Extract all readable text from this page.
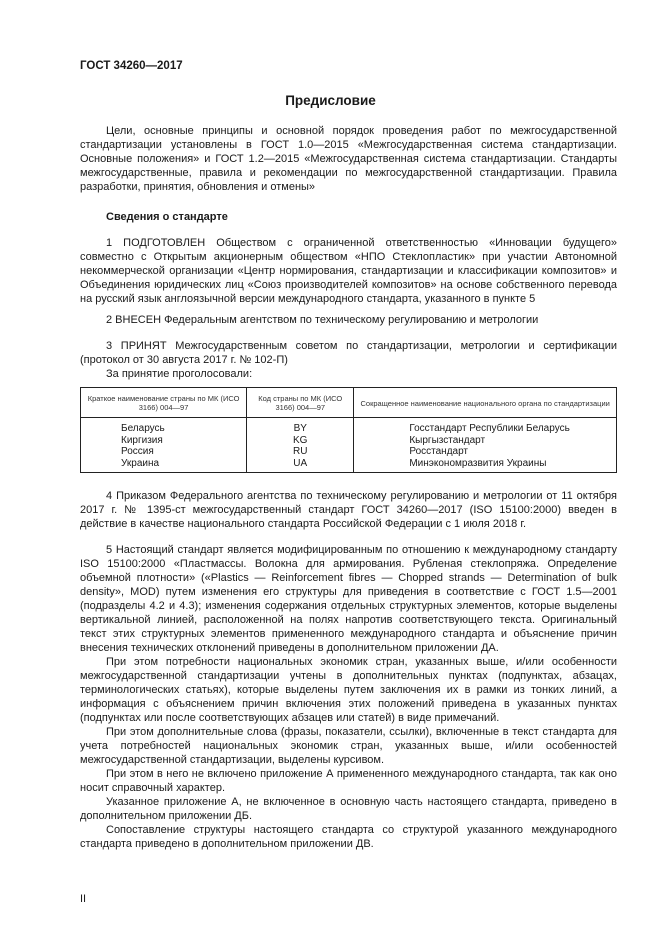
ГОСТ 34260—2017
Предисловие

Цели, основные принципы и основной порядок проведения работ по межгосударственной стандартизации установлены в ГОСТ 1.0—2015 «Межгосударственная система стандартизации. Основные положения» и ГОСТ 1.2—2015 «Межгосударственная система стандартизации. Стандарты межгосударственные, правила и рекомендации по межгосударственной стандартизации. Правила разработки, принятия, обновления и отмены»

Сведения о стандарте

1 ПОДГОТОВЛЕН Обществом с ограниченной ответственностью «Инновации будущего» совместно с Открытым акционерным обществом «НПО Стеклопластик» при участии Автономной некоммерческой организации «Центр нормирования, стандартизации и классификации композитов» и Объединения юридических лиц «Союз производителей композитов» на основе собственного перевода на русский язык англоязычной версии международного стандарта, указанного в пункте 5

2 ВНЕСЕН Федеральным агентством по техническому регулированию и метрологии

3 ПРИНЯТ Межгосударственным советом по стандартизации, метрологии и сертификации (протокол от 30 августа 2017 г. № 102-П)

За принятие проголосовали:

Краткое наименование страны по МК (ИСО 3166) 004—97	Код страны по МК (ИСО 3166) 004—97	Сокращенное наименование национального органа по стандартизации
Беларусь	BY	Госстандарт Республики Беларусь
Киргизия	KG	Кыргызстандарт
Россия	RU	Росстандарт
Украина	UA	Минэкономразвития Украины

4 Приказом Федерального агентства по техническому регулированию и метрологии от 11 октября 2017 г. № 1395-ст межгосударственный стандарт ГОСТ 34260—2017 (ISO 15100:2000) введен в действие в качестве национального стандарта Российской Федерации с 1 июля 2018 г.

5 Настоящий стандарт является модифицированным по отношению к международному стандарту ISO 15100:2000 «Пластмассы. Волокна для армирования. Рубленая стеклопряжа. Определение объемной плотности» («Plastics — Reinforcement fibres — Chopped strands — Determination of bulk density», MOD) путем изменения его структуры для приведения в соответствие с ГОСТ 1.5—2001 (подразделы 4.2 и 4.3); изменения содержания отдельных структурных элементов, которые выделены вертикальной линией, расположенной на полях напротив соответствующего текста. Оригинальный текст этих структурных элементов примененного международного стандарта и объяснение причин внесения технических отклонений приведены в дополнительном приложении ДА.

При этом потребности национальных экономик стран, указанных выше, и/или особенности межгосударственной стандартизации учтены в дополнительных пунктах (подпунктах, абзацах, терминологических статьях), которые выделены путем заключения их в рамки из тонких линий, а информация с объяснением причин включения этих положений приведена в указанных пунктах (подпунктах или после соответствующих абзацев или статей) в виде примечаний.

При этом дополнительные слова (фразы, показатели, ссылки), включенные в текст стандарта для учета потребностей национальных экономик стран, указанных выше, и/или особенностей межгосударственной стандартизации, выделены курсивом.

При этом в него не включено приложение А примененного международного стандарта, так как оно носит справочный характер.

Указанное приложение А, не включенное в основную часть настоящего стандарта, приведено в дополнительном приложении ДБ.

Сопоставление структуры настоящего стандарта со структурой указанного международного стандарта приведено в дополнительном приложении ДВ.

II
